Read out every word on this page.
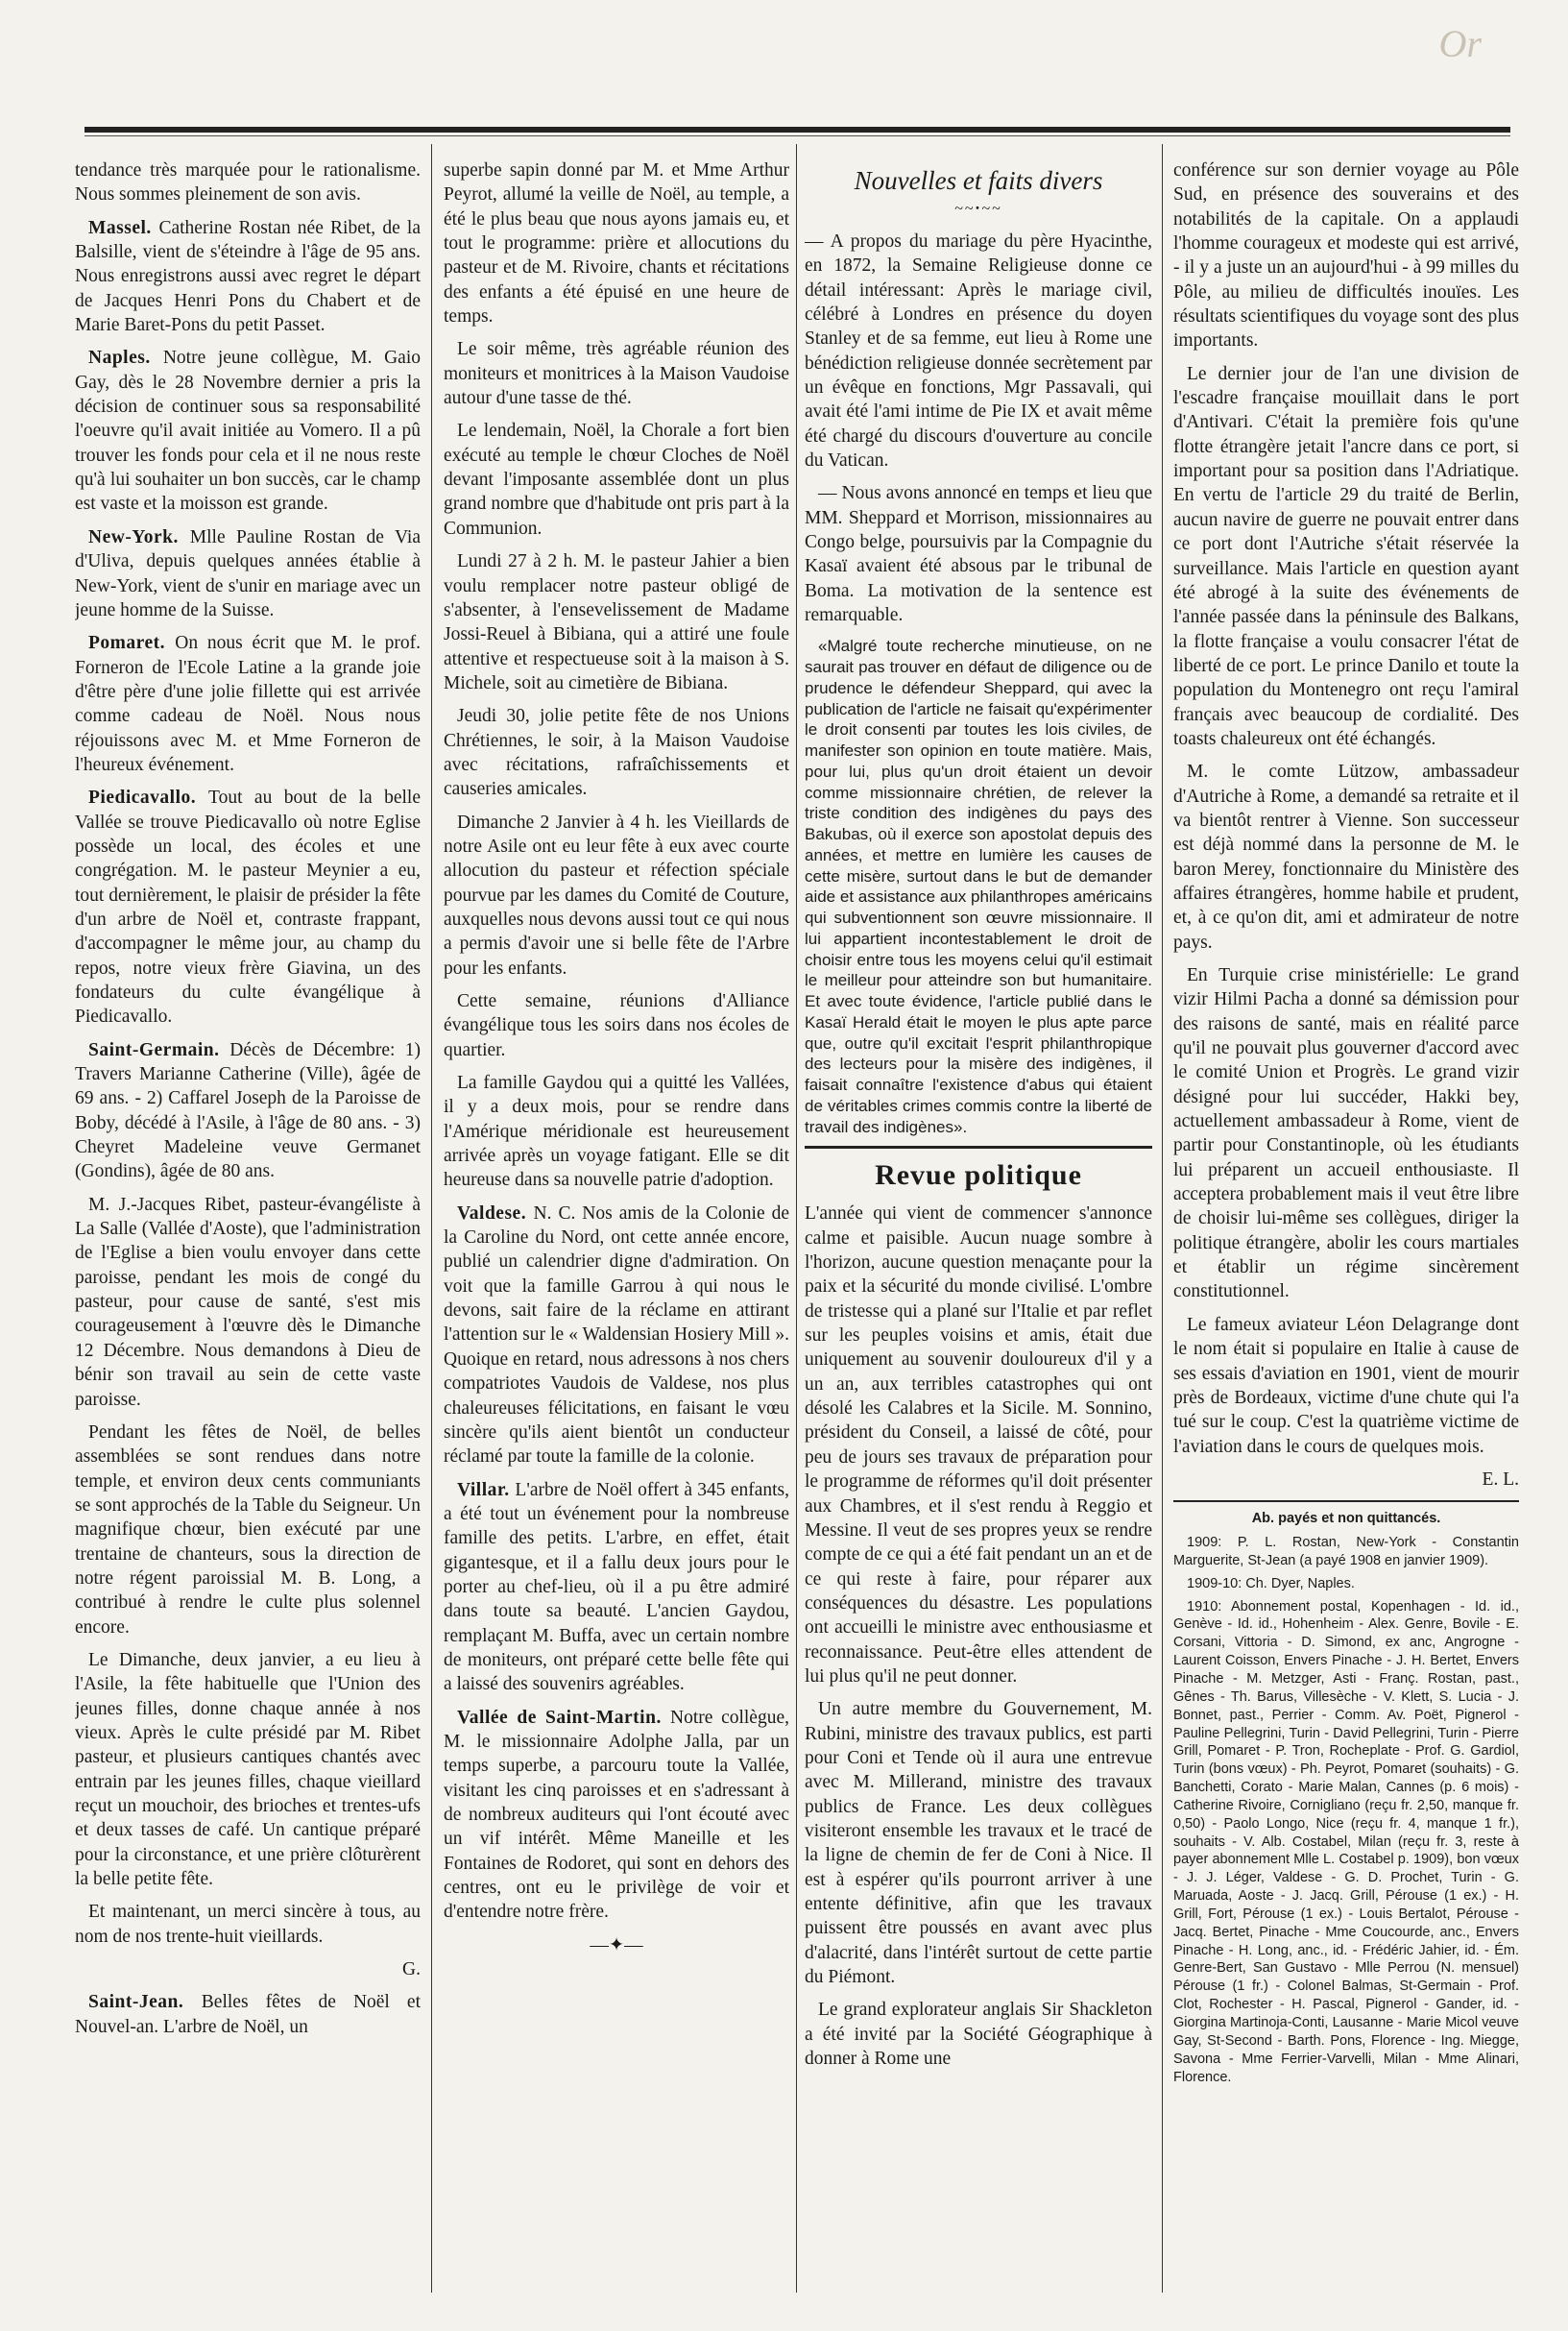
Or

tendance très marquée pour le rationalisme. Nous sommes pleinement de son avis.

Massel. Catherine Rostan née Ribet, de la Balsille, vient de s'éteindre à l'âge de 95 ans. Nous enregistrons aussi avec regret le départ de Jacques Henri Pons du Chabert et de Marie Baret-Pons du petit Passet.

Naples. Notre jeune collègue, M. Gaio Gay, dès le 28 Novembre dernier a pris la décision de continuer sous sa responsabilité l'oeuvre qu'il avait initiée au Vomero. Il a pû trouver les fonds pour cela et il ne nous reste qu'à lui souhaiter un bon succès, car le champ est vaste et la moisson est grande.

New-York. Mlle Pauline Rostan de Via d'Uliva, depuis quelques années établie à New-York, vient de s'unir en mariage avec un jeune homme de la Suisse.

Pomaret. On nous écrit que M. le prof. Forneron de l'Ecole Latine a la grande joie d'être père d'une jolie fillette qui est arrivée comme cadeau de Noël. Nous nous réjouissons avec M. et Mme Forneron de l'heureux événement.

Piedicavallo. Tout au bout de la belle Vallée se trouve Piedicavallo où notre Eglise possède un local, des écoles et une congrégation. M. le pasteur Meynier a eu, tout dernièrement, le plaisir de présider la fête d'un arbre de Noël et, contraste frappant, d'accompagner le même jour, au champ du repos, notre vieux frère Giavina, un des fondateurs du culte évangélique à Piedicavallo.

Saint-Germain. Décès de Décembre: 1) Travers Marianne Catherine (Ville), âgée de 69 ans. - 2) Caffarel Joseph de la Paroisse de Boby, décédé à l'Asile, à l'âge de 80 ans. - 3) Cheyret Madeleine veuve Germanet (Gondins), âgée de 80 ans.

M. J.-Jacques Ribet, pasteur-évangéliste à La Salle (Vallée d'Aoste), que l'administration de l'Eglise a bien voulu envoyer dans cette paroisse, pendant les mois de congé du pasteur, pour cause de santé, s'est mis courageusement à l'œuvre dès le Dimanche 12 Décembre. Nous demandons à Dieu de bénir son travail au sein de cette vaste paroisse.

Pendant les fêtes de Noël, de belles assemblées se sont rendues dans notre temple, et environ deux cents communiants se sont approchés de la Table du Seigneur. Un magnifique chœur, bien exécuté par une trentaine de chanteurs, sous la direction de notre régent paroissial M. B. Long, a contribué à rendre le culte plus solennel encore.

Le Dimanche, deux janvier, a eu lieu à l'Asile, la fête habituelle que l'Union des jeunes filles, donne chaque année à nos vieux. Après le culte présidé par M. Ribet pasteur, et plusieurs cantiques chantés avec entrain par les jeunes filles, chaque vieillard reçut un mouchoir, des brioches et trentes-ufs et deux tasses de café. Un cantique préparé pour la circonstance, et une prière clôturèrent la belle petite fête.

Et maintenant, un merci sincère à tous, au nom de nos trente-huit vieillards.

G.

Saint-Jean. Belles fêtes de Noël et Nouvel-an. L'arbre de Noël, un

superbe sapin donné par M. et Mme Arthur Peyrot, allumé la veille de Noël, au temple, a été le plus beau que nous ayons jamais eu, et tout le programme: prière et allocutions du pasteur et de M. Rivoire, chants et récitations des enfants a été épuisé en une heure de temps.

Le soir même, très agréable réunion des moniteurs et monitrices à la Maison Vaudoise autour d'une tasse de thé.

Le lendemain, Noël, la Chorale a fort bien exécuté au temple le chœur Cloches de Noël devant l'imposante assemblée dont un plus grand nombre que d'habitude ont pris part à la Communion.

Lundi 27 à 2 h. M. le pasteur Jahier a bien voulu remplacer notre pasteur obligé de s'absenter, à l'ensevelissement de Madame Jossi-Reuel à Bibiana, qui a attiré une foule attentive et respectueuse soit à la maison à S. Michele, soit au cimetière de Bibiana.

Jeudi 30, jolie petite fête de nos Unions Chrétiennes, le soir, à la Maison Vaudoise avec récitations, rafraîchissements et causeries amicales.

Dimanche 2 Janvier à 4 h. les Vieillards de notre Asile ont eu leur fête à eux avec courte allocution du pasteur et réfection spéciale pourvue par les dames du Comité de Couture, auxquelles nous devons aussi tout ce qui nous a permis d'avoir une si belle fête de l'Arbre pour les enfants.

Cette semaine, réunions d'Alliance évangélique tous les soirs dans nos écoles de quartier.

La famille Gaydou qui a quitté les Vallées, il y a deux mois, pour se rendre dans l'Amérique méridionale est heureusement arrivée après un voyage fatigant. Elle se dit heureuse dans sa nouvelle patrie d'adoption.

Valdese. N. C. Nos amis de la Colonie de la Caroline du Nord, ont cette année encore, publié un calendrier digne d'admiration. On voit que la famille Garrou à qui nous le devons, sait faire de la réclame en attirant l'attention sur le « Waldensian Hosiery Mill ». Quoique en retard, nous adressons à nos chers compatriotes Vaudois de Valdese, nos plus chaleureuses félicitations, en faisant le vœu sincère qu'ils aient bientôt un conducteur réclamé par toute la famille de la colonie.

Villar. L'arbre de Noël offert à 345 enfants, a été tout un événement pour la nombreuse famille des petits. L'arbre, en effet, était gigantesque, et il a fallu deux jours pour le porter au chef-lieu, où il a pu être admiré dans toute sa beauté. L'ancien Gaydou, remplaçant M. Buffa, avec un certain nombre de moniteurs, ont préparé cette belle fête qui a laissé des souvenirs agréables.

Vallée de Saint-Martin. Notre collègue, M. le missionnaire Adolphe Jalla, par un temps superbe, a parcouru toute la Vallée, visitant les cinq paroisses et en s'adressant à de nombreux auditeurs qui l'ont écouté avec un vif intérêt. Même Maneille et les Fontaines de Rodoret, qui sont en dehors des centres, ont eu le privilège de voir et d'entendre notre frère.

—✦—
Nouvelles et faits divers
~~ꞏ~~

— A propos du mariage du père Hyacinthe, en 1872, la Semaine Religieuse donne ce détail intéressant: Après le mariage civil, célébré à Londres en présence du doyen Stanley et de sa femme, eut lieu à Rome une bénédiction religieuse donnée secrètement par un évêque en fonctions, Mgr Passavali, qui avait été l'ami intime de Pie IX et avait même été chargé du discours d'ouverture au concile du Vatican.

— Nous avons annoncé en temps et lieu que MM. Sheppard et Morrison, missionnaires au Congo belge, poursuivis par la Compagnie du Kasaï avaient été absous par le tribunal de Boma. La motivation de la sentence est remarquable.

«Malgré toute recherche minutieuse, on ne saurait pas trouver en défaut de diligence ou de prudence le défendeur Sheppard, qui avec la publication de l'article ne faisait qu'expérimenter le droit consenti par toutes les lois civiles, de manifester son opinion en toute matière. Mais, pour lui, plus qu'un droit étaient un devoir comme missionnaire chrétien, de relever la triste condition des indigènes du pays des Bakubas, où il exerce son apostolat depuis des années, et mettre en lumière les causes de cette misère, surtout dans le but de demander aide et assistance aux philanthropes américains qui subventionnent son œuvre missionnaire. Il lui appartient incontestablement le droit de choisir entre tous les moyens celui qu'il estimait le meilleur pour atteindre son but humanitaire. Et avec toute évidence, l'article publié dans le Kasaï Herald était le moyen le plus apte parce que, outre qu'il excitait l'esprit philanthropique des lecteurs pour la misère des indigènes, il faisait connaître l'existence d'abus qui étaient de véritables crimes commis contre la liberté de travail des indigènes».

Revue politique

L'année qui vient de commencer s'annonce calme et paisible. Aucun nuage sombre à l'horizon, aucune question menaçante pour la paix et la sécurité du monde civilisé. L'ombre de tristesse qui a plané sur l'Italie et par reflet sur les peuples voisins et amis, était due uniquement au souvenir douloureux d'il y a un an, aux terribles catastrophes qui ont désolé les Calabres et la Sicile. M. Sonnino, président du Conseil, a laissé de côté, pour peu de jours ses travaux de préparation pour le programme de réformes qu'il doit présenter aux Chambres, et il s'est rendu à Reggio et Messine. Il veut de ses propres yeux se rendre compte de ce qui a été fait pendant un an et de ce qui reste à faire, pour réparer aux conséquences du désastre. Les populations ont accueilli le ministre avec enthousiasme et reconnaissance. Peut-être elles attendent de lui plus qu'il ne peut donner.

Un autre membre du Gouvernement, M. Rubini, ministre des travaux publics, est parti pour Coni et Tende où il aura une entrevue avec M. Millerand, ministre des travaux publics de France. Les deux collègues visiteront ensemble les travaux et le tracé de la ligne de chemin de fer de Coni à Nice. Il est à espérer qu'ils pourront arriver à une entente définitive, afin que les travaux puissent être poussés en avant avec plus d'alacrité, dans l'intérêt surtout de cette partie du Piémont.

Le grand explorateur anglais Sir Shackleton a été invité par la Société Géographique à donner à Rome une

conférence sur son dernier voyage au Pôle Sud, en présence des souverains et des notabilités de la capitale. On a applaudi l'homme courageux et modeste qui est arrivé, - il y a juste un an aujourd'hui - à 99 milles du Pôle, au milieu de difficultés inouïes. Les résultats scientifiques du voyage sont des plus importants.

Le dernier jour de l'an une division de l'escadre française mouillait dans le port d'Antivari. C'était la première fois qu'une flotte étrangère jetait l'ancre dans ce port, si important pour sa position dans l'Adriatique. En vertu de l'article 29 du traité de Berlin, aucun navire de guerre ne pouvait entrer dans ce port dont l'Autriche s'était réservée la surveillance. Mais l'article en question ayant été abrogé à la suite des événements de l'année passée dans la péninsule des Balkans, la flotte française a voulu consacrer l'état de liberté de ce port. Le prince Danilo et toute la population du Montenegro ont reçu l'amiral français avec beaucoup de cordialité. Des toasts chaleureux ont été échangés.

M. le comte Lützow, ambassadeur d'Autriche à Rome, a demandé sa retraite et il va bientôt rentrer à Vienne. Son successeur est déjà nommé dans la personne de M. le baron Merey, fonctionnaire du Ministère des affaires étrangères, homme habile et prudent, et, à ce qu'on dit, ami et admirateur de notre pays.

En Turquie crise ministérielle: Le grand vizir Hilmi Pacha a donné sa démission pour des raisons de santé, mais en réalité parce qu'il ne pouvait plus gouverner d'accord avec le comité Union et Progrès. Le grand vizir désigné pour lui succéder, Hakki bey, actuellement ambassadeur à Rome, vient de partir pour Constantinople, où les étudiants lui préparent un accueil enthousiaste. Il acceptera probablement mais il veut être libre de choisir lui-même ses collègues, diriger la politique étrangère, abolir les cours martiales et établir un régime sincèrement constitutionnel.

Le fameux aviateur Léon Delagrange dont le nom était si populaire en Italie à cause de ses essais d'aviation en 1901, vient de mourir près de Bordeaux, victime d'une chute qui l'a tué sur le coup. C'est la quatrième victime de l'aviation dans le cours de quelques mois.

E. L.

Ab. payés et non quittancés.

1909: P. L. Rostan, New-York - Constantin Marguerite, St-Jean (a payé 1908 en janvier 1909).

1909-10: Ch. Dyer, Naples.

1910: Abonnement postal, Kopenhagen - Id. id., Genève - Id. id., Hohenheim - Alex. Genre, Bovile - E. Corsani, Vittoria - D. Simond, ex anc, Angrogne - Laurent Coisson, Envers Pinache - J. H. Bertet, Envers Pinache - M. Metzger, Asti - Franç. Rostan, past., Gênes - Th. Barus, Villesèche - V. Klett, S. Lucia - J. Bonnet, past., Perrier - Comm. Av. Poët, Pignerol - Pauline Pellegrini, Turin - David Pellegrini, Turin - Pierre Grill, Pomaret - P. Tron, Rocheplate - Prof. G. Gardiol, Turin (bons vœux) - Ph. Peyrot, Pomaret (souhaits) - G. Banchetti, Corato - Marie Malan, Cannes (p. 6 mois) - Catherine Rivoire, Cornigliano (reçu fr. 2,50, manque fr. 0,50) - Paolo Longo, Nice (reçu fr. 4, manque 1 fr.), souhaits - V. Alb. Costabel, Milan (reçu fr. 3, reste à payer abonnement Mlle L. Costabel p. 1909), bon vœux - J. J. Léger, Valdese - G. D. Prochet, Turin - G. Maruada, Aoste - J. Jacq. Grill, Pérouse (1 ex.) - H. Grill, Fort, Pérouse (1 ex.) - Louis Bertalot, Pérouse - Jacq. Bertet, Pinache - Mme Coucourde, anc., Envers Pinache - H. Long, anc., id. - Frédéric Jahier, id. - Ém. Genre-Bert, San Gustavo - Mlle Perrou (N. mensuel) Pérouse (1 fr.) - Colonel Balmas, St-Germain - Prof. Clot, Rochester - H. Pascal, Pignerol - Gander, id. - Giorgina Martinoja-Conti, Lausanne - Marie Micol veuve Gay, St-Second - Barth. Pons, Florence - Ing. Miegge, Savona - Mme Ferrier-Varvelli, Milan - Mme Alinari, Florence.
